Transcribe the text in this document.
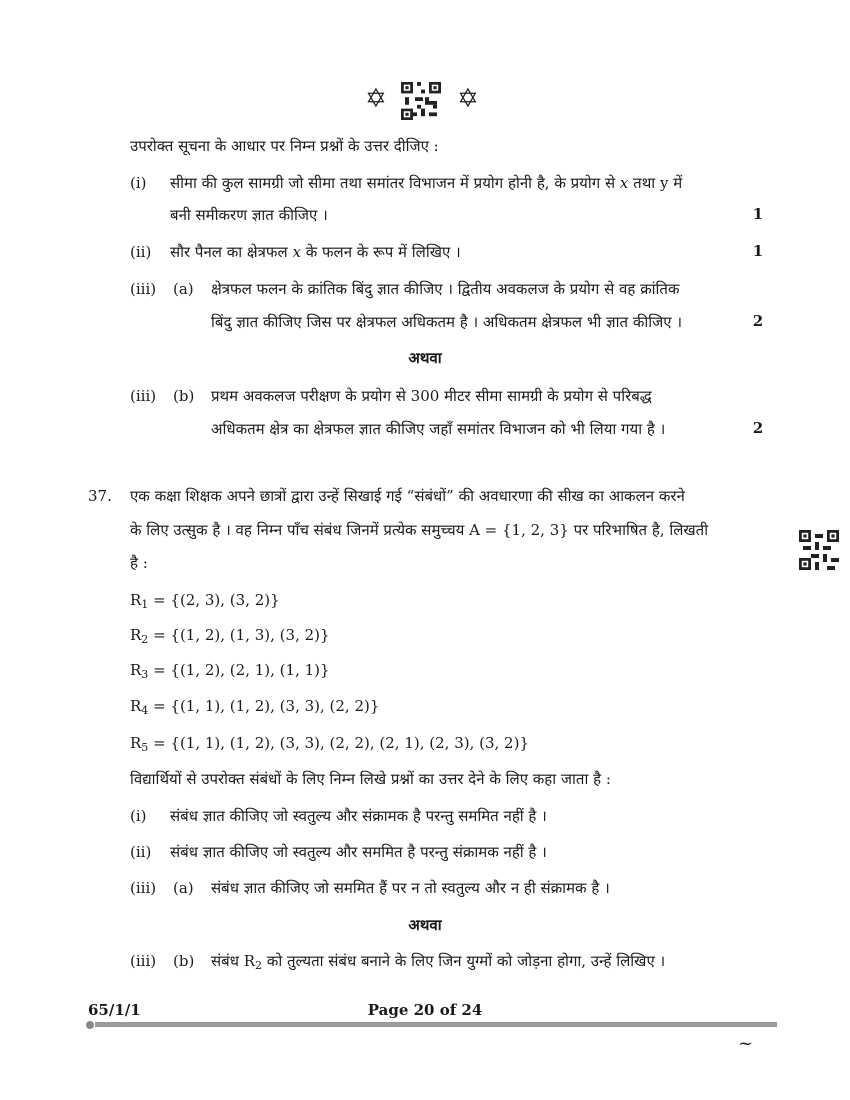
✡	✡
उपरोक्त सूचना के आधार पर निम्न प्रश्नों के उत्तर दीजिए :
(i) सीमा की कुल सामग्री जो सीमा तथा समांतर विभाजन में प्रयोग होनी है, के प्रयोग से x तथा y में
बनी समीकरण ज्ञात कीजिए ।	1
(ii) सौर पैनल का क्षेत्रफल x के फलन के रूप में लिखिए ।	1
(iii) (a) क्षेत्रफल फलन के क्रांतिक बिंदु ज्ञात कीजिए । द्वितीय अवकलज के प्रयोग से वह क्रांतिक
बिंदु ज्ञात कीजिए जिस पर क्षेत्रफल अधिकतम है । अधिकतम क्षेत्रफल भी ज्ञात कीजिए ।	2
अथवा
(iii) (b) प्रथम अवकलज परीक्षण के प्रयोग से 300 मीटर सीमा सामग्री के प्रयोग से परिबद्ध
अधिकतम क्षेत्र का क्षेत्रफल ज्ञात कीजिए जहाँ समांतर विभाजन को भी लिया गया है ।	2
37. एक कक्षा शिक्षक अपने छात्रों द्वारा उन्हें सिखाई गई “संबंधों” की अवधारणा की सीख का आकलन करने
के लिए उत्सुक है । वह निम्न पाँच संबंध जिनमें प्रत्येक समुच्चय A = {1, 2, 3} पर परिभाषित है, लिखती
है :
$R_1 = \{(2$, 3), (3, 2)}
$R_2 = \{(1$, 2), (1, 3), (3, 2)}
$R_3 = \{(1$, 2), (2, 1), (1, 1)}
$R_4 = \{(1$, 1), (1, 2), (3, 3), (2, 2)}
$R_5 = \{(1$, 1), (1, 2), (3, 3), (2, 2), (2, 1), (2, 3), (3, 2)}
विद्यार्थियों से उपरोक्त संबंधों के लिए निम्न लिखे प्रश्नों का उत्तर देने के लिए कहा जाता है :
(i) संबंध ज्ञात कीजिए जो स्वतुल्य और संक्रामक है परन्तु सममित नहीं है ।
(ii) संबंध ज्ञात कीजिए जो स्वतुल्य और सममित है परन्तु संक्रामक नहीं है ।
(iii) (a) संबंध ज्ञात कीजिए जो सममित हैं पर न तो स्वतुल्य और न ही संक्रामक है ।
अथवा
(iii) (b) संबंध $R_2$ को तुल्यता संबंध बनाने के लिए जिन युग्मों को जोड़ना होगा, उन्हें लिखिए ।
65/1/1	Page 20 of 24
~
